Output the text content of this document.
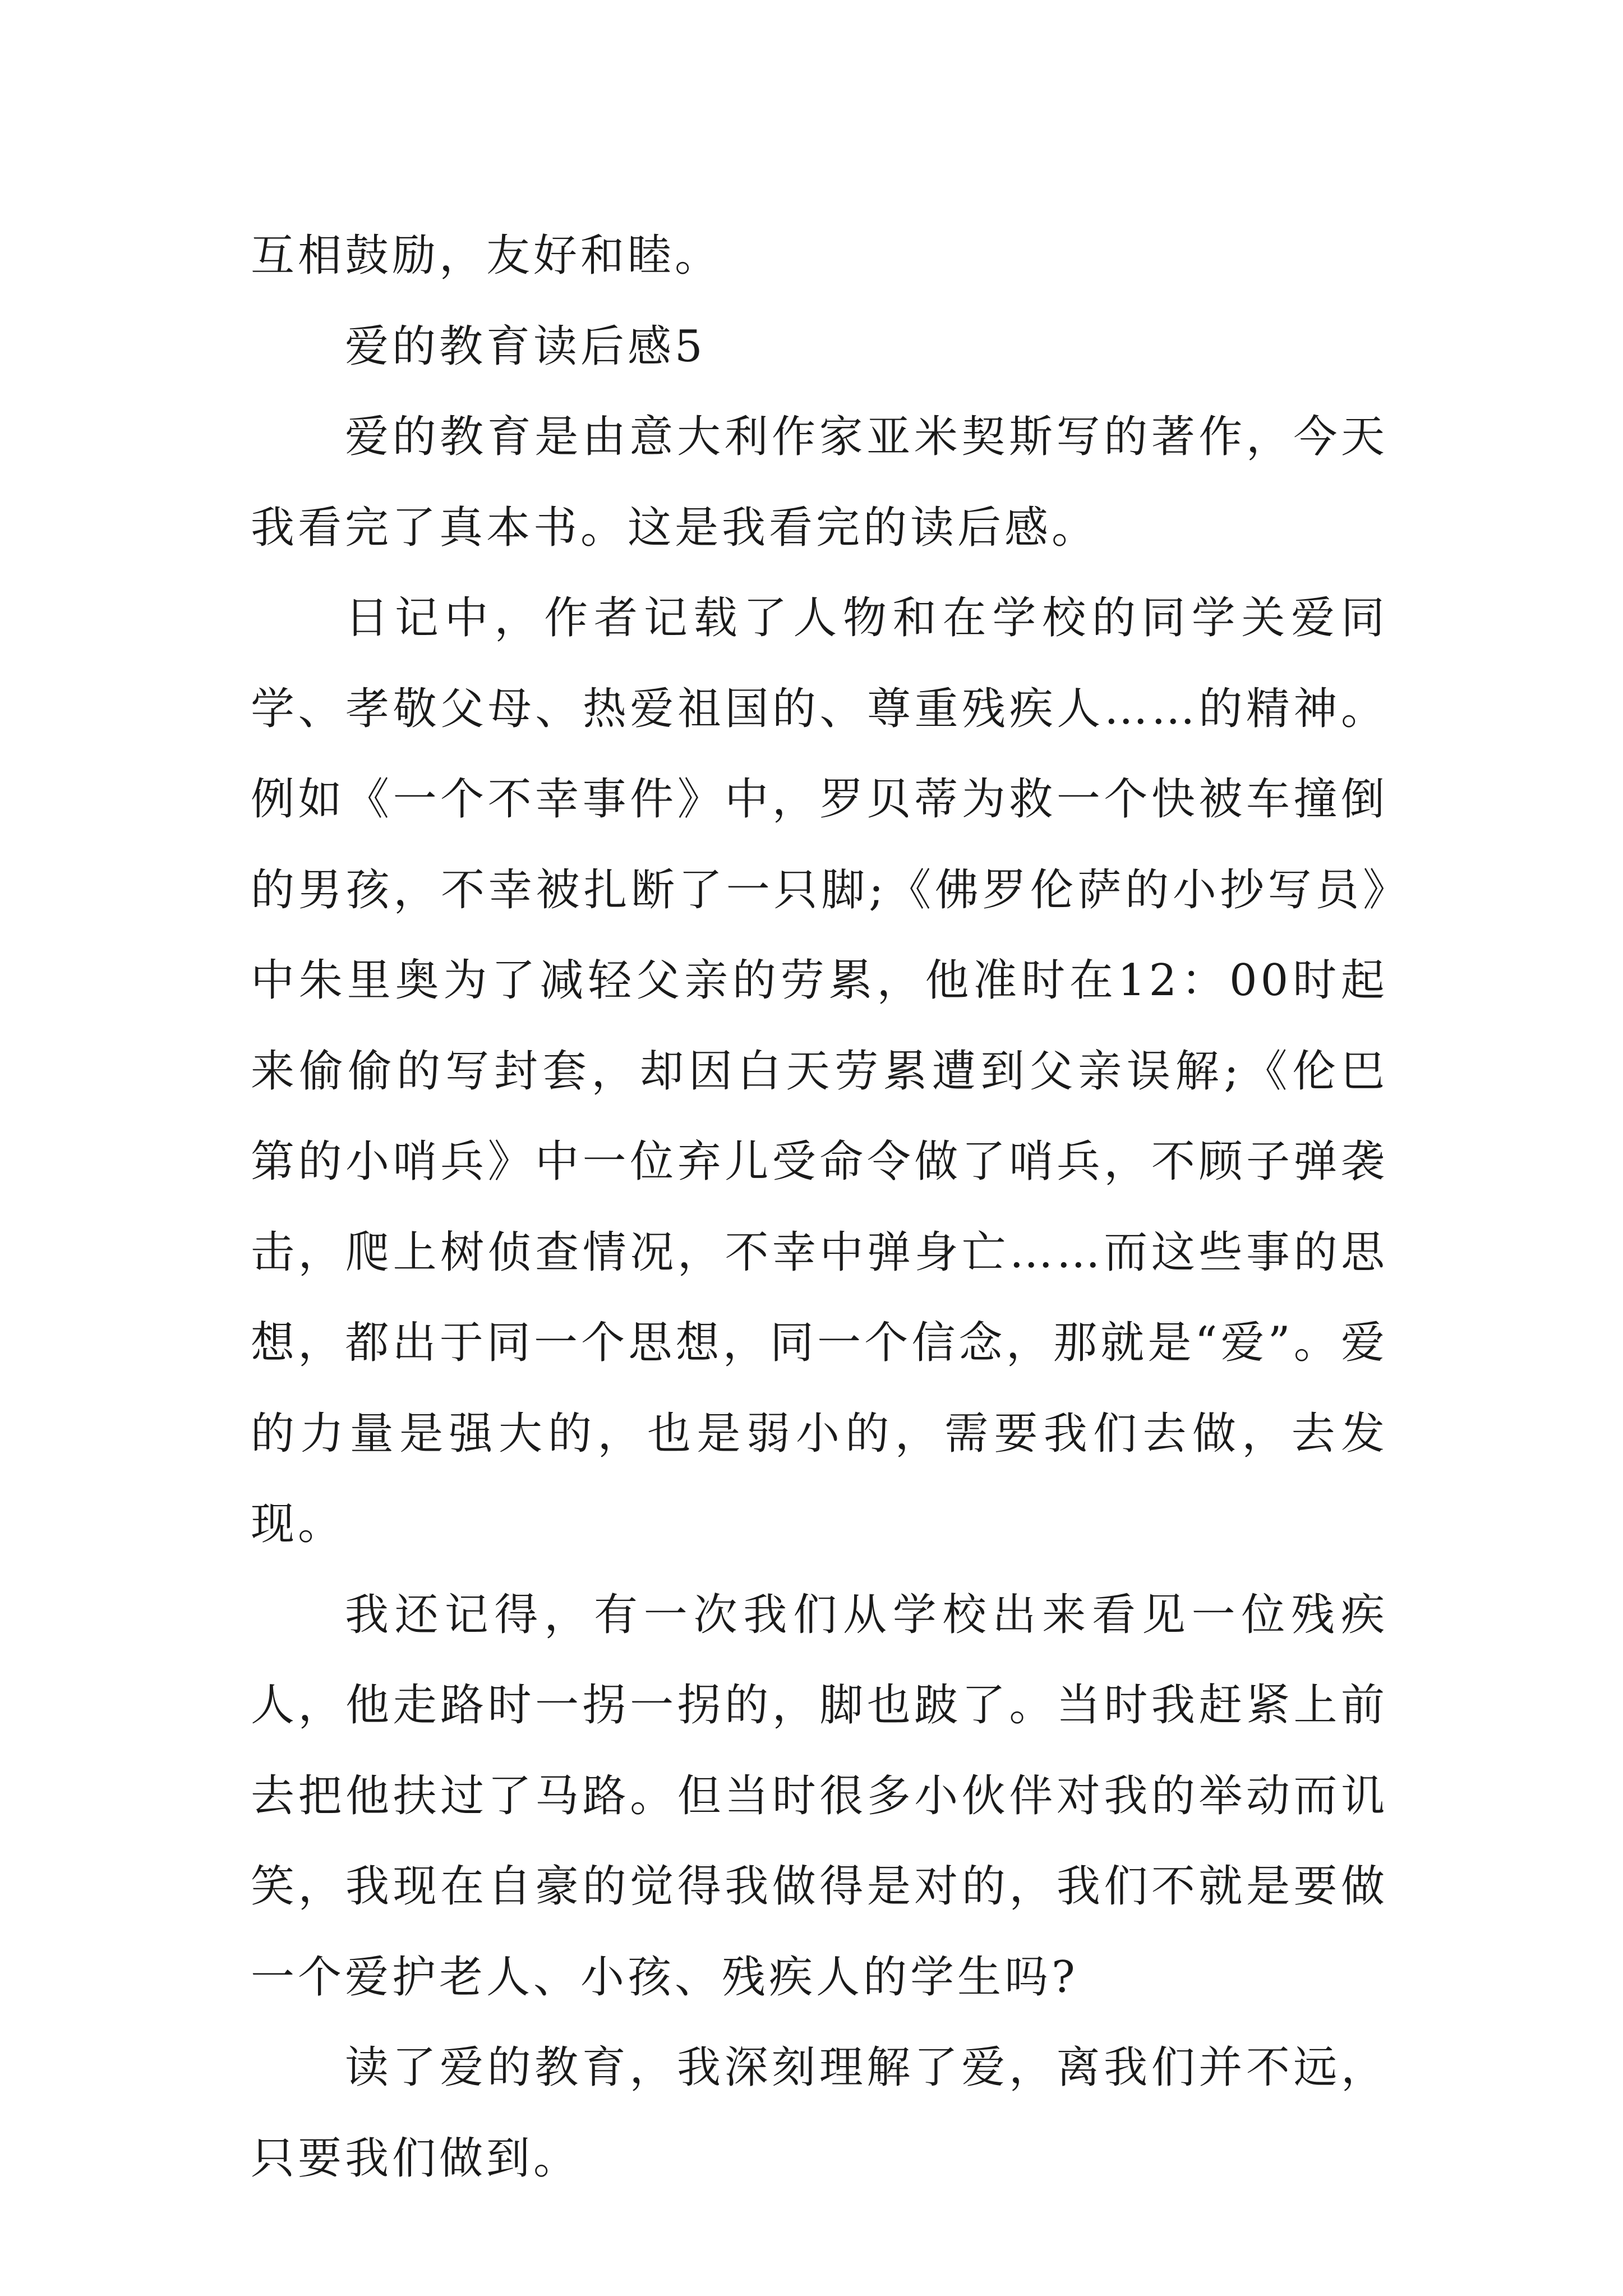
互相鼓励，友好和睦。

爱的教育读后感5

爱的教育是由意大利作家亚米契斯写的著作，今天我看完了真本书。这是我看完的读后感。

日记中，作者记载了人物和在学校的同学关爱同学、孝敬父母、热爱祖国的、尊重残疾人……的精神。例如《一个不幸事件》中，罗贝蒂为救一个快被车撞倒的男孩，不幸被扎断了一只脚;《佛罗伦萨的小抄写员》中朱里奥为了减轻父亲的劳累，他准时在12：00时起来偷偷的写封套，却因白天劳累遭到父亲误解;《伦巴第的小哨兵》中一位弃儿受命令做了哨兵，不顾子弹袭击，爬上树侦查情况，不幸中弹身亡……而这些事的思想，都出于同一个思想，同一个信念，那就是“爱”。爱的力量是强大的，也是弱小的，需要我们去做，去发现。

我还记得，有一次我们从学校出来看见一位残疾人，他走路时一拐一拐的，脚也跛了。当时我赶紧上前去把他扶过了马路。但当时很多小伙伴对我的举动而讥笑，我现在自豪的觉得我做得是对的，我们不就是要做一个爱护老人、小孩、残疾人的学生吗?

读了爱的教育，我深刻理解了爱，离我们并不远，只要我们做到。
